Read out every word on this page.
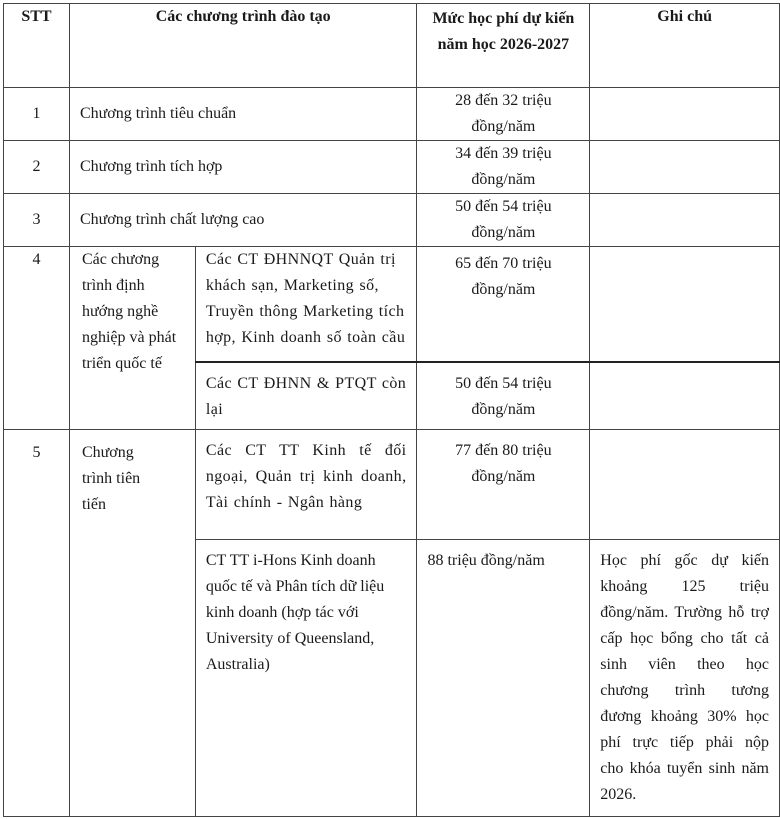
STT	Các chương trình đào tạo		Mức học phí dự kiến năm học 2026-2027	Ghi chú
1	Chương trình tiêu chuẩn		28 đến 32 triệu đồng/năm	
2	Chương trình tích hợp		34 đến 39 triệu đồng/năm	
3	Chương trình chất lượng cao		50 đến 54 triệu đồng/năm	
4	Các chương trình định hướng nghề nghiệp và phát triển quốc tế	Các CT ĐHNNQT Quản trị khách sạn, Marketing số, Truyền thông Marketing tích hợp, Kinh doanh số toàn cầu	65 đến 70 triệu đồng/năm	
		Các CT ĐHNN & PTQT còn lại	50 đến 54 triệu đồng/năm	
5	Chương trình tiên tiến	Các CT TT Kinh tế đối ngoại, Quản trị kinh doanh, Tài chính - Ngân hàng	77 đến 80 triệu đồng/năm	
		CT TT i-Hons Kinh doanh quốc tế và Phân tích dữ liệu kinh doanh (hợp tác với University of Queensland, Australia)	88 triệu đồng/năm	Học phí gốc dự kiến khoảng 125 triệu đồng/năm. Trường hỗ trợ cấp học bổng cho tất cả sinh viên theo học chương trình tương đương khoảng 30% học phí trực tiếp phải nộp cho khóa tuyển sinh năm 2026.
